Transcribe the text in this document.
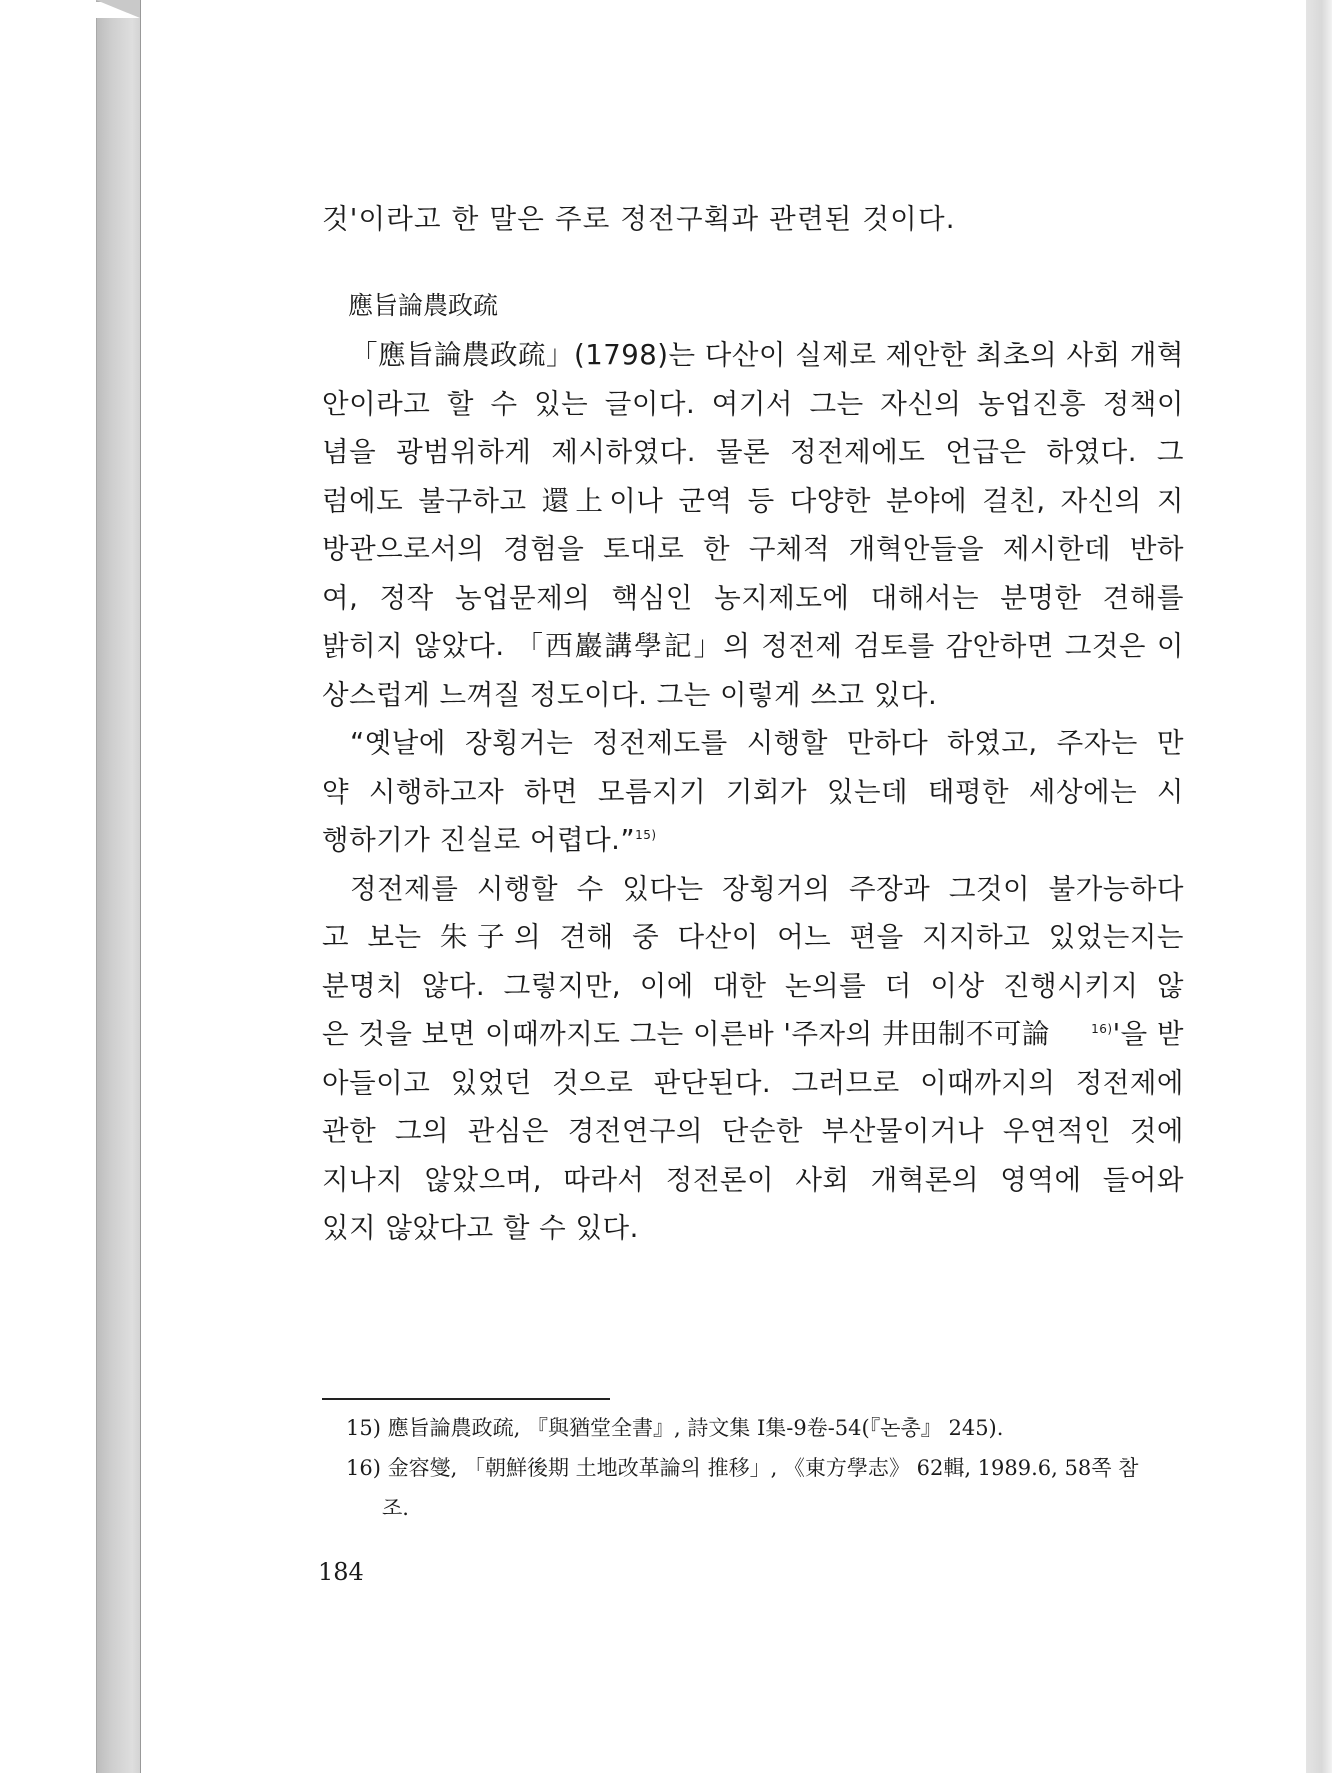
것'이라고 한 말은 주로 정전구획과 관련된 것이다.
應旨論農政疏
「應旨論農政疏」(1798)는 다산이 실제로 제안한 최초의 사회 개혁
안이라고 할 수 있는 글이다. 여기서 그는 자신의 농업진흥 정책이
념을 광범위하게 제시하였다. 물론 정전제에도 언급은 하였다. 그
럼에도 불구하고 還上이나 군역 등 다양한 분야에 걸친, 자신의 지
방관으로서의 경험을 토대로 한 구체적 개혁안들을 제시한데 반하
여, 정작 농업문제의 핵심인 농지제도에 대해서는 분명한 견해를
밝히지 않았다. 「西巖講學記」의 정전제 검토를 감안하면 그것은 이
상스럽게 느껴질 정도이다. 그는 이렇게 쓰고 있다.
“옛날에 장횡거는 정전제도를 시행할 만하다 하였고, 주자는 만
약 시행하고자 하면 모름지기 기회가 있는데 태평한 세상에는 시
행하기가 진실로 어렵다.”$^{15)}$
정전제를 시행할 수 있다는 장횡거의 주장과 그것이 불가능하다
고 보는 朱子의 견해 중 다산이 어느 편을 지지하고 있었는지는
분명치 않다. 그렇지만, 이에 대한 논의를 더 이상 진행시키지 않
은 것을 보면 이때까지도 그는 이른바 '주자의 井田制不可論	$^{16)}$'을 받
아들이고 있었던 것으로 판단된다. 그러므로 이때까지의 정전제에
관한 그의 관심은 경전연구의 단순한 부산물이거나 우연적인 것에
지나지 않았으며, 따라서 정전론이 사회 개혁론의 영역에 들어와
있지 않았다고 할 수 있다.
15) 應旨論農政疏, 『與猶堂全書』, 詩文集 I集-9卷-54(『논총』 245).
16) 金容燮, 「朝鮮後期 土地改革論의 推移」, 《東方學志》 62輯, 1989.6, 58쪽 참
조.
184
